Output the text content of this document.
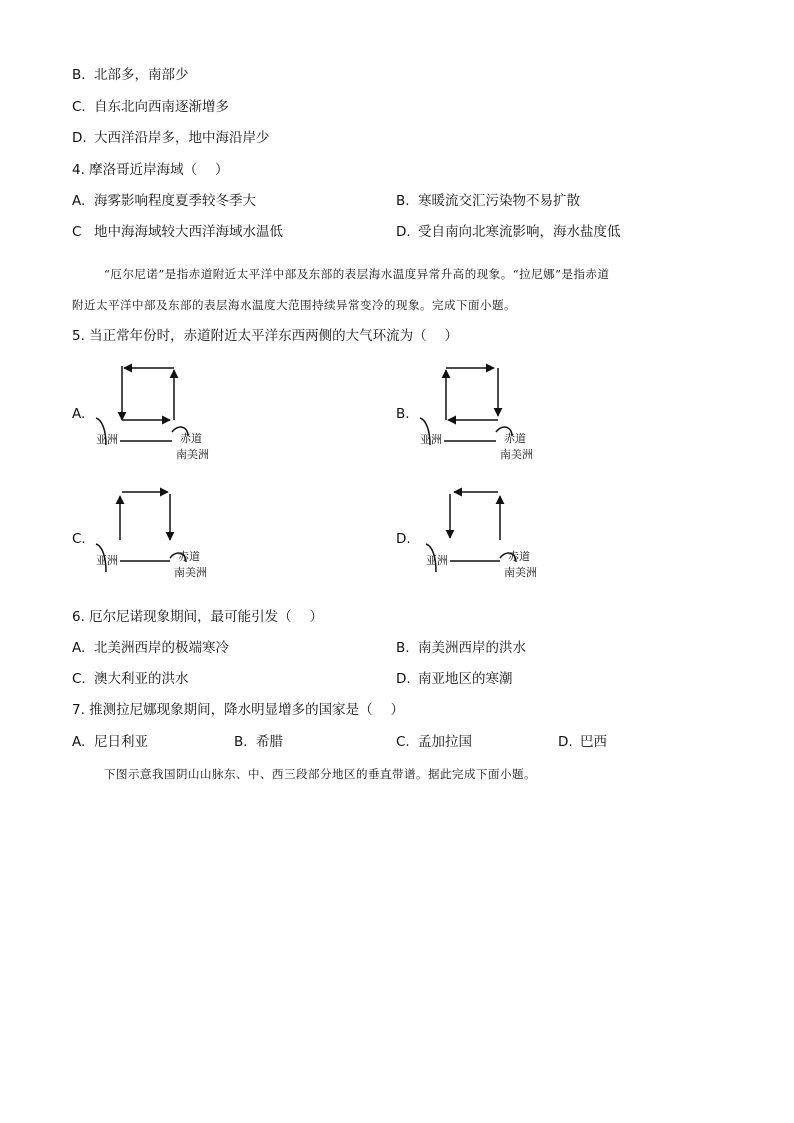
B. 北部多，南部少
C. 自东北向西南逐渐增多
D. 大西洋沿岸多，地中海沿岸少
4. 摩洛哥近岸海域（　 ）
A. 海雾影响程度夏季较冬季大	B. 寒暖流交汇污染物不易扩散
C 地中海海域较大西洋海域水温低	D. 受自南向北寒流影响，海水盐度低
“厄尔尼诺”是指赤道附近太平洋中部及东部的表层海水温度异常升高的现象。“拉尼娜”是指赤道
附近太平洋中部及东部的表层海水温度大范围持续异常变冷的现象。完成下面小题。
5. 当正常年份时，赤道附近太平洋东西两侧的大气环流为（　 ）
A.
亚洲	赤道
南美洲
B.
亚洲	赤道
南美洲
C.
亚洲	赤道
南美洲
D.
亚洲	赤道
南美洲
6. 厄尔尼诺现象期间，最可能引发（　 ）
A. 北美洲西岸的极端寒冷	B. 南美洲西岸的洪水
C. 澳大利亚的洪水	D. 南亚地区的寒潮
7. 推测拉尼娜现象期间，降水明显增多的国家是（　 ）
A. 尼日利亚	B. 希腊	C. 孟加拉国	D. 巴西
下图示意我国阴山山脉东、中、西三段部分地区的垂直带谱。据此完成下面小题。
